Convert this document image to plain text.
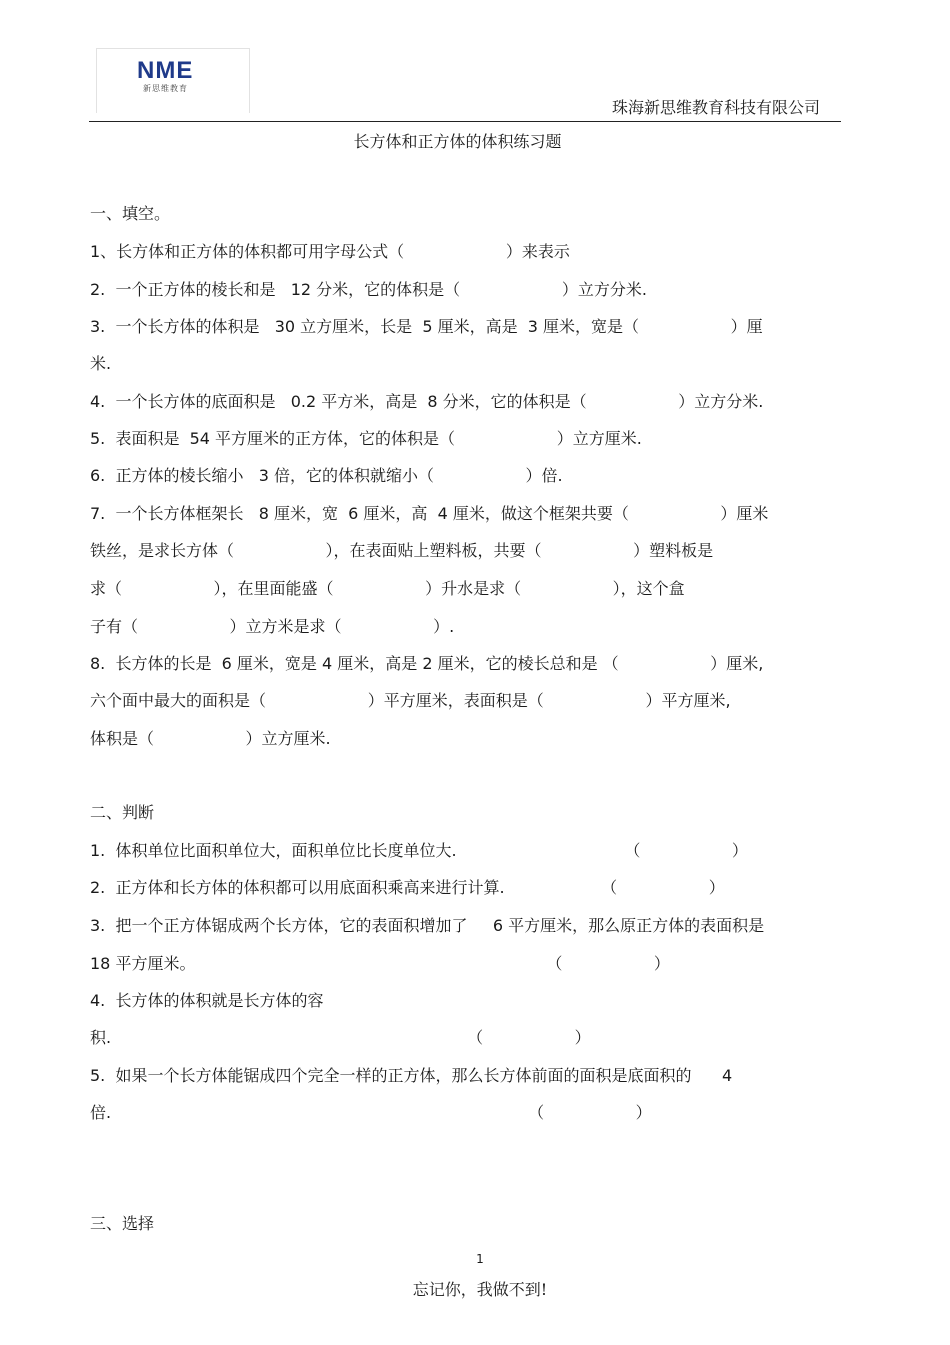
NME
新思维教育
珠海新思维教育科技有限公司
长方体和正方体的体积练习题
一、填空。
1、长方体和正方体的体积都可用字母公式（                    ）来表示
2.  一个正方体的棱长和是   12 分米，它的体积是（                    ）立方分米.
3.  一个长方体的体积是   30 立方厘米，长是  5 厘米，高是  3 厘米，宽是（                  ）厘
米.
4.  一个长方体的底面积是   0.2 平方米，高是  8 分米，它的体积是（                  ）立方分米.
5.  表面积是  54 平方厘米的正方体，它的体积是（                    ）立方厘米.
6.  正方体的棱长缩小   3 倍，它的体积就缩小（                  ）倍.
7.  一个长方体框架长   8 厘米，宽  6 厘米，高  4 厘米，做这个框架共要（                  ）厘米
铁丝，是求长方体（                  ），在表面贴上塑料板，共要（                  ）塑料板是
求（                  ），在里面能盛（                  ）升水是求（                  ），这个盒
子有（                  ）立方米是求（                  ）.
8.  长方体的长是  6 厘米，宽是 4 厘米，高是 2 厘米，它的棱长总和是 （                  ）厘米,
六个面中最大的面积是（                    ）平方厘米，表面积是（                    ）平方厘米,
体积是（                  ）立方厘米.
二、判断
1.  体积单位比面积单位大，面积单位比长度单位大.                                 （                  ）
2.  正方体和长方体的体积都可以用底面积乘高来进行计算.                   （                  ）
3.  把一个正方体锯成两个长方体，它的表面积增加了     6 平方厘米，那么原正方体的表面积是
18 平方厘米。                                                                     （                  ）
4.  长方体的体积就是长方体的容
积.                                                                      （                  ）
5.  如果一个长方体能锯成四个完全一样的正方体，那么长方体前面的面积是底面积的      4
倍.                                                                                  （                  ）
三、选择
1
忘记你，我做不到!
